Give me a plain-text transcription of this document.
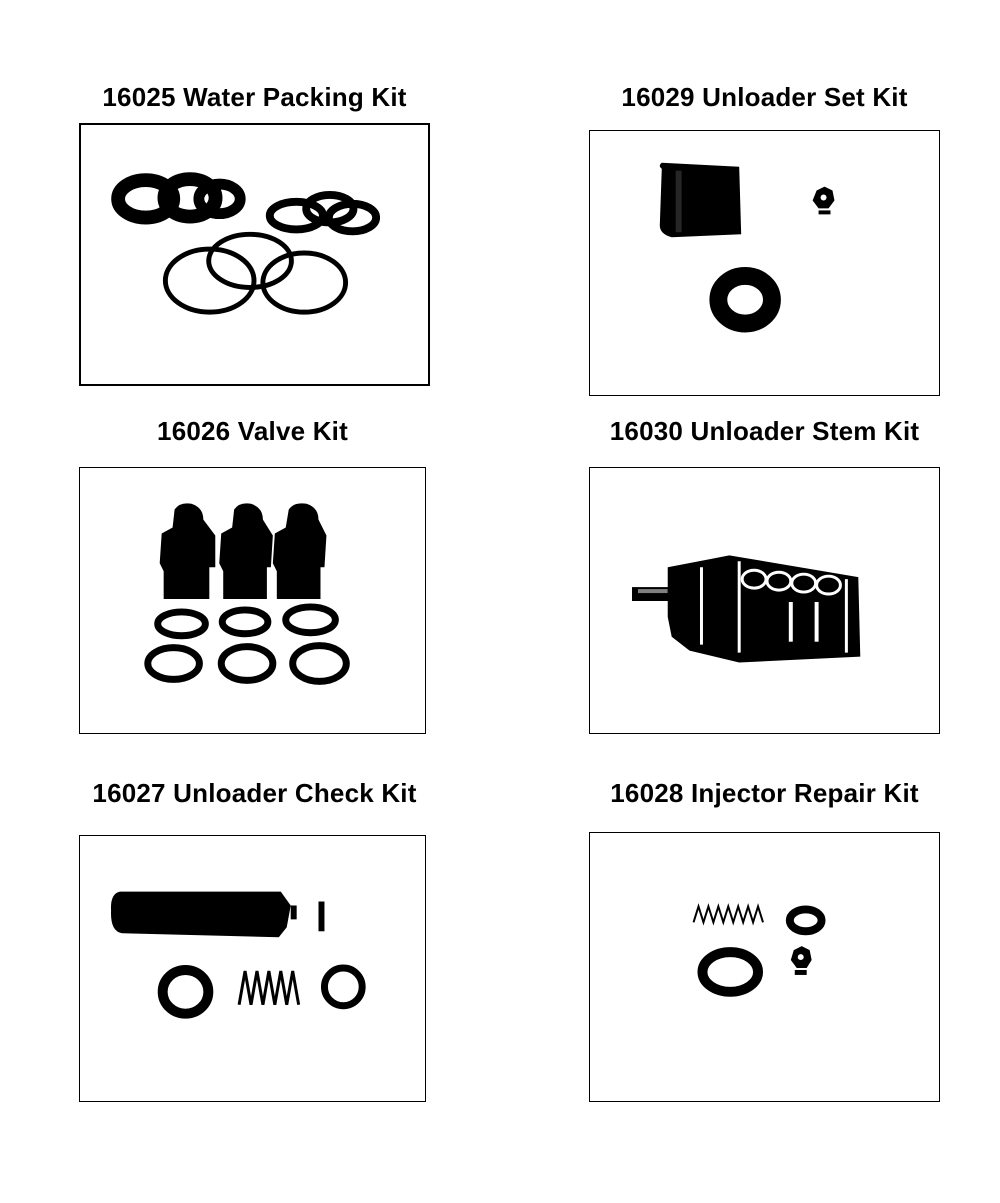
16025 Water Packing Kit	16029 Unloader Set Kit
16026 Valve Kit	16030 Unloader Stem Kit
16027 Unloader Check Kit	16028 Injector Repair Kit
